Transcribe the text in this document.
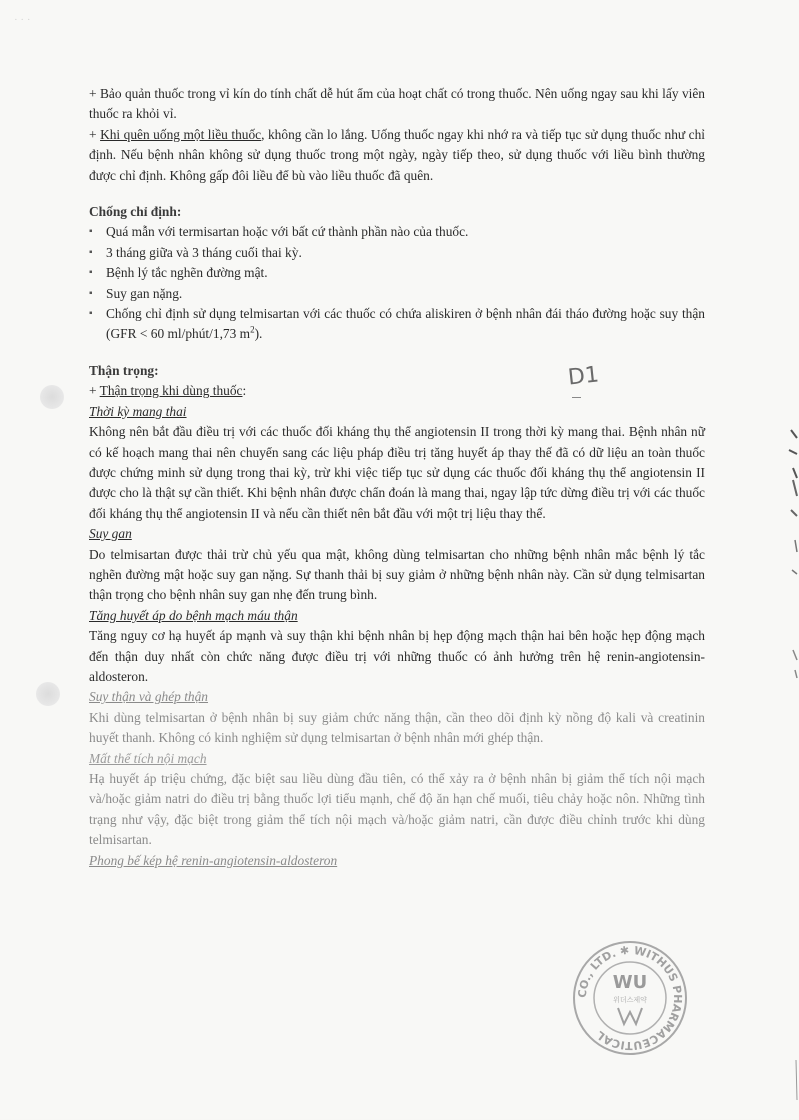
· · ·

+ Bảo quản thuốc trong vỉ kín do tính chất dễ hút ẩm của hoạt chất có trong thuốc. Nên uống ngay sau khi lấy viên thuốc ra khỏi vỉ.

+ Khi quên uống một liều thuốc, không cần lo lắng. Uống thuốc ngay khi nhớ ra và tiếp tục sử dụng thuốc như chỉ định. Nếu bệnh nhân không sử dụng thuốc trong một ngày, ngày tiếp theo, sử dụng thuốc với liều bình thường được chỉ định. Không gấp đôi liều để bù vào liều thuốc đã quên.

Chống chỉ định:

▪ Quá mẫn với termisartan hoặc với bất cứ thành phần nào của thuốc.

▪ 3 tháng giữa và 3 tháng cuối thai kỳ.

▪ Bệnh lý tắc nghẽn đường mật.

▪ Suy gan nặng.

▪ Chống chỉ định sử dụng telmisartan với các thuốc có chứa aliskiren ở bệnh nhân đái tháo đường hoặc suy thận (GFR < 60 ml/phút/1,73 $m^2$).

Thận trọng:

+ Thận trọng khi dùng thuốc:

Thời kỳ mang thai

Không nên bắt đầu điều trị với các thuốc đối kháng thụ thể angiotensin II trong thời kỳ mang thai. Bệnh nhân nữ có kế hoạch mang thai nên chuyển sang các liệu pháp điều trị tăng huyết áp thay thế đã có dữ liệu an toàn thuốc được chứng minh sử dụng trong thai kỳ, trừ khi việc tiếp tục sử dụng các thuốc đối kháng thụ thể angiotensin II được cho là thật sự cần thiết. Khi bệnh nhân được chẩn đoán là mang thai, ngay lập tức dừng điều trị với các thuốc đối kháng thụ thể angiotensin II và nếu cần thiết nên bắt đầu với một trị liệu thay thế.

Suy gan

Do telmisartan được thải trừ chủ yếu qua mật, không dùng telmisartan cho những bệnh nhân mắc bệnh lý tắc nghẽn đường mật hoặc suy gan nặng. Sự thanh thải bị suy giảm ở những bệnh nhân này. Cần sử dụng telmisartan thận trọng cho bệnh nhân suy gan nhẹ đến trung bình.

Tăng huyết áp do bệnh mạch máu thận

Tăng nguy cơ hạ huyết áp mạnh và suy thận khi bệnh nhân bị hẹp động mạch thận hai bên hoặc hẹp động mạch đến thận duy nhất còn chức năng được điều trị với những thuốc có ảnh hưởng trên hệ renin-angiotensin-aldosteron.

Suy thận và ghép thận

Khi dùng telmisartan ở bệnh nhân bị suy giảm chức năng thận, cần theo dõi định kỳ nồng độ kali và creatinin huyết thanh. Không có kinh nghiệm sử dụng telmisartan ở bệnh nhân mới ghép thận.

Mất thể tích nội mạch

Hạ huyết áp triệu chứng, đặc biệt sau liều dùng đầu tiên, có thể xảy ra ở bệnh nhân bị giảm thể tích nội mạch và/hoặc giảm natri do điều trị bằng thuốc lợi tiểu mạnh, chế độ ăn hạn chế muối, tiêu chảy hoặc nôn. Những tình trạng như vậy, đặc biệt trong giảm thể tích nội mạch và/hoặc giảm natri, cần được điều chỉnh trước khi dùng telmisartan.

Phong bế kép hệ renin-angiotensin-aldosteron

D1
CO., LTD. ✱ WITHUS PHARMACEUTICAL
WU
위더스제약
